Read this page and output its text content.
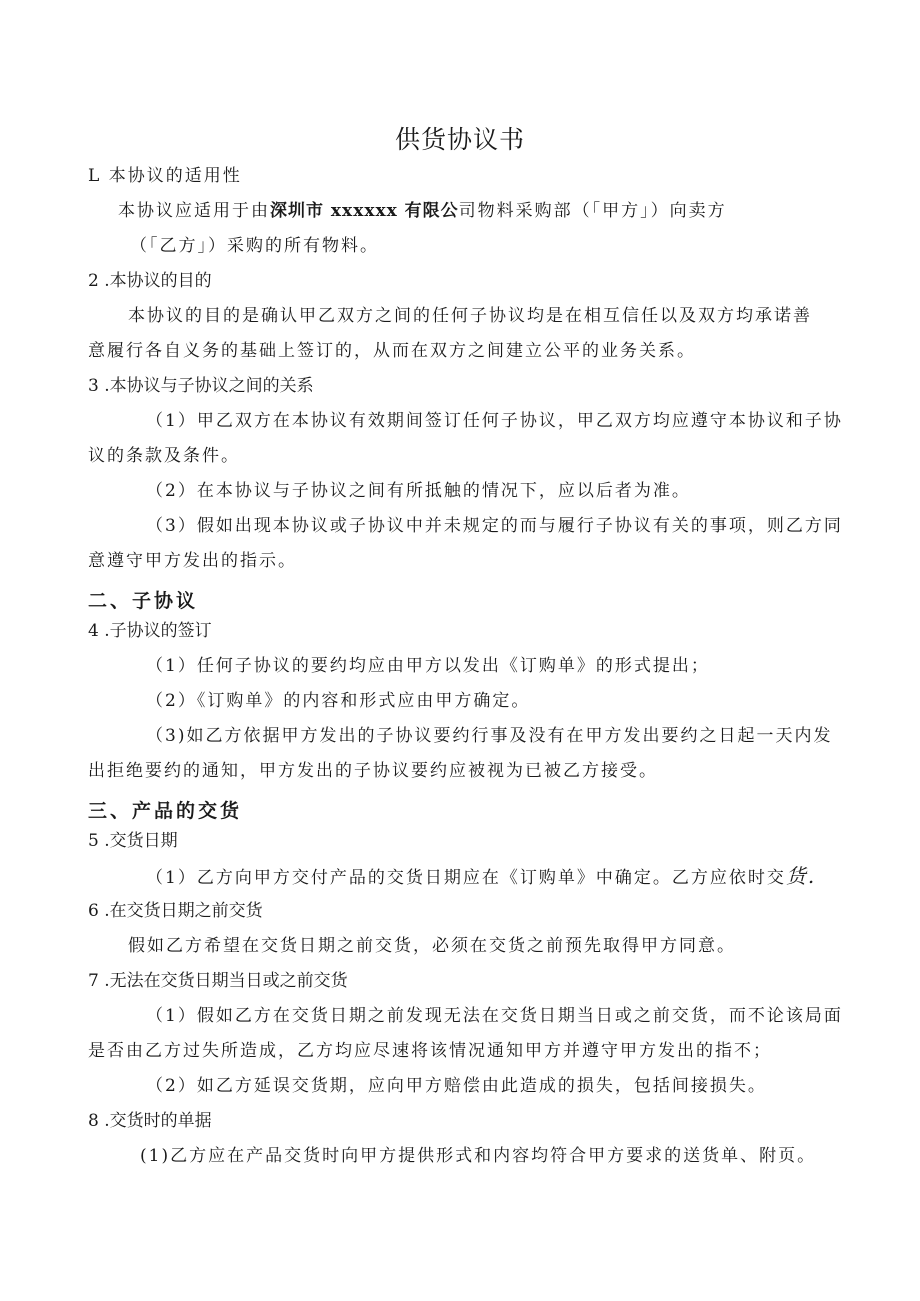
供货协议书
L 本协议的适用性
本协议应适用于由深圳市 xxxxxx 有限公司物料采购部（「甲方」）向卖方
（「乙方」）采购的所有物料。
2 .本协议的目的
本协议的目的是确认甲乙双方之间的任何子协议均是在相互信任以及双方均承诺善
意履行各自义务的基础上签订的，从而在双方之间建立公平的业务关系。
3 .本协议与子协议之间的关系
（1）甲乙双方在本协议有效期间签订任何子协议，甲乙双方均应遵守本协议和子协
议的条款及条件。
（2）在本协议与子协议之间有所抵触的情况下，应以后者为准。
（3）假如出现本协议或子协议中并未规定的而与履行子协议有关的事项，则乙方同
意遵守甲方发出的指示。
二、子协议
4 .子协议的签订
（1）任何子协议的要约均应由甲方以发出《订购单》的形式提出；
（2）《订购单》的内容和形式应由甲方确定。
（3)如乙方依据甲方发出的子协议要约行事及没有在甲方发出要约之日起一天内发
出拒绝要约的通知，甲方发出的子协议要约应被视为已被乙方接受。
三、产品的交货
5 .交货日期
（1）乙方向甲方交付产品的交货日期应在《订购单》中确定。乙方应依时交货.
6 .在交货日期之前交货
假如乙方希望在交货日期之前交货，必须在交货之前预先取得甲方同意。
7 .无法在交货日期当日或之前交货
（1）假如乙方在交货日期之前发现无法在交货日期当日或之前交货，而不论该局面
是否由乙方过失所造成，乙方均应尽速将该情况通知甲方并遵守甲方发出的指不；
（2）如乙方延误交货期，应向甲方赔偿由此造成的损失，包括间接损失。
8 .交货时的单据
(1)乙方应在产品交货时向甲方提供形式和内容均符合甲方要求的送货单、附页。
